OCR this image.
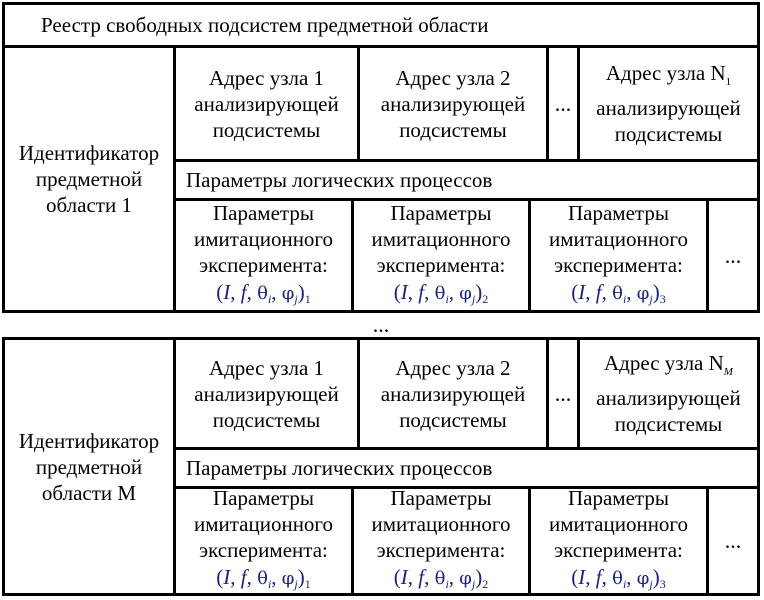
Реестр свободных подсистем предметной области
Идентификатор
предметной
области 1
Адрес узла 1
анализирующей
подсистемы
Адрес узла 2
анализирующей
подсистемы
...
Адрес узла $N_1$
анализирующей
подсистемы
Параметры логических процессов
Параметры
имитационного
эксперимента:
(I, f, $\theta_i$, $\varphi_j)_1$
Параметры
имитационного
эксперимента:
(I, f, $\theta_i$, $\varphi_j)_2$
Параметры
имитационного
эксперимента:
(I, f, $\theta_i$, $\varphi_j)_3$
...
...
Идентификатор
предметной
области M
Адрес узла 1
анализирующей
подсистемы
Адрес узла 2
анализирующей
подсистемы
...
Адрес узла $N_M$
анализирующей
подсистемы
Параметры логических процессов
Параметры
имитационного
эксперимента:
(I, f, $\theta_i$, $\varphi_j)_1$
Параметры
имитационного
эксперимента:
(I, f, $\theta_i$, $\varphi_j)_2$
Параметры
имитационного
эксперимента:
(I, f, $\theta_i$, $\varphi_j)_3$
...
